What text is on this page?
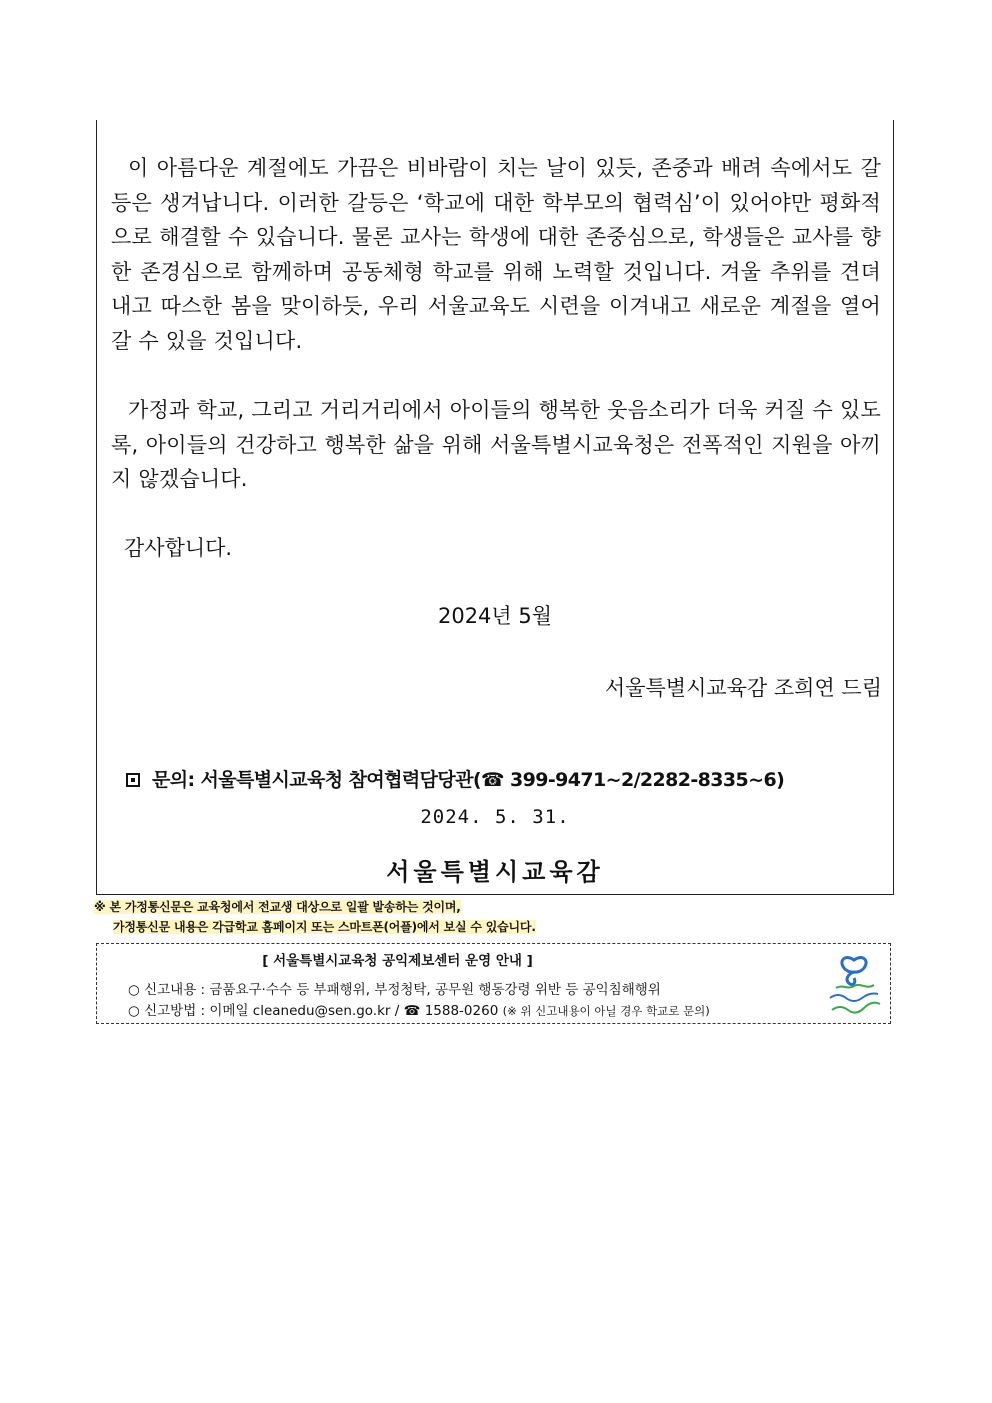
이 아름다운 계절에도 가끔은 비바람이 치는 날이 있듯, 존중과 배려 속에서도 갈등은 생겨납니다. 이러한 갈등은 ‘학교에 대한 학부모의 협력심’이 있어야만 평화적으로 해결할 수 있습니다. 물론 교사는 학생에 대한 존중심으로, 학생들은 교사를 향한 존경심으로 함께하며 공동체형 학교를 위해 노력할 것입니다. 겨울 추위를 견뎌내고 따스한 봄을 맞이하듯, 우리 서울교육도 시련을 이겨내고 새로운 계절을 열어갈 수 있을 것입니다.

가정과 학교, 그리고 거리거리에서 아이들의 행복한 웃음소리가 더욱 커질 수 있도록, 아이들의 건강하고 행복한 삶을 위해 서울특별시교육청은 전폭적인 지원을 아끼지 않겠습니다.

감사합니다.

2024년 5월

서울특별시교육감 조희연 드림

문의: 서울특별시교육청 참여협력담당관(☎ 399-9471~2/2282-8335~6)

2024. 5. 31.

서울특별시교육감

※ 본 가정통신문은 교육청에서 전교생 대상으로 일괄 발송하는 것이며,

가정통신문 내용은 각급학교 홈페이지 또는 스마트폰(어플)에서 보실 수 있습니다.

[ 서울특별시교육청 공익제보센터 운영 안내 ]

○ 신고내용 : 금품요구·수수 등 부패행위, 부정청탁, 공무원 행동강령 위반 등 공익침해행위

○ 신고방법 : 이메일 cleanedu@sen.go.kr / ☎ 1588-0260 (※ 위 신고내용이 아닐 경우 학교로 문의)
